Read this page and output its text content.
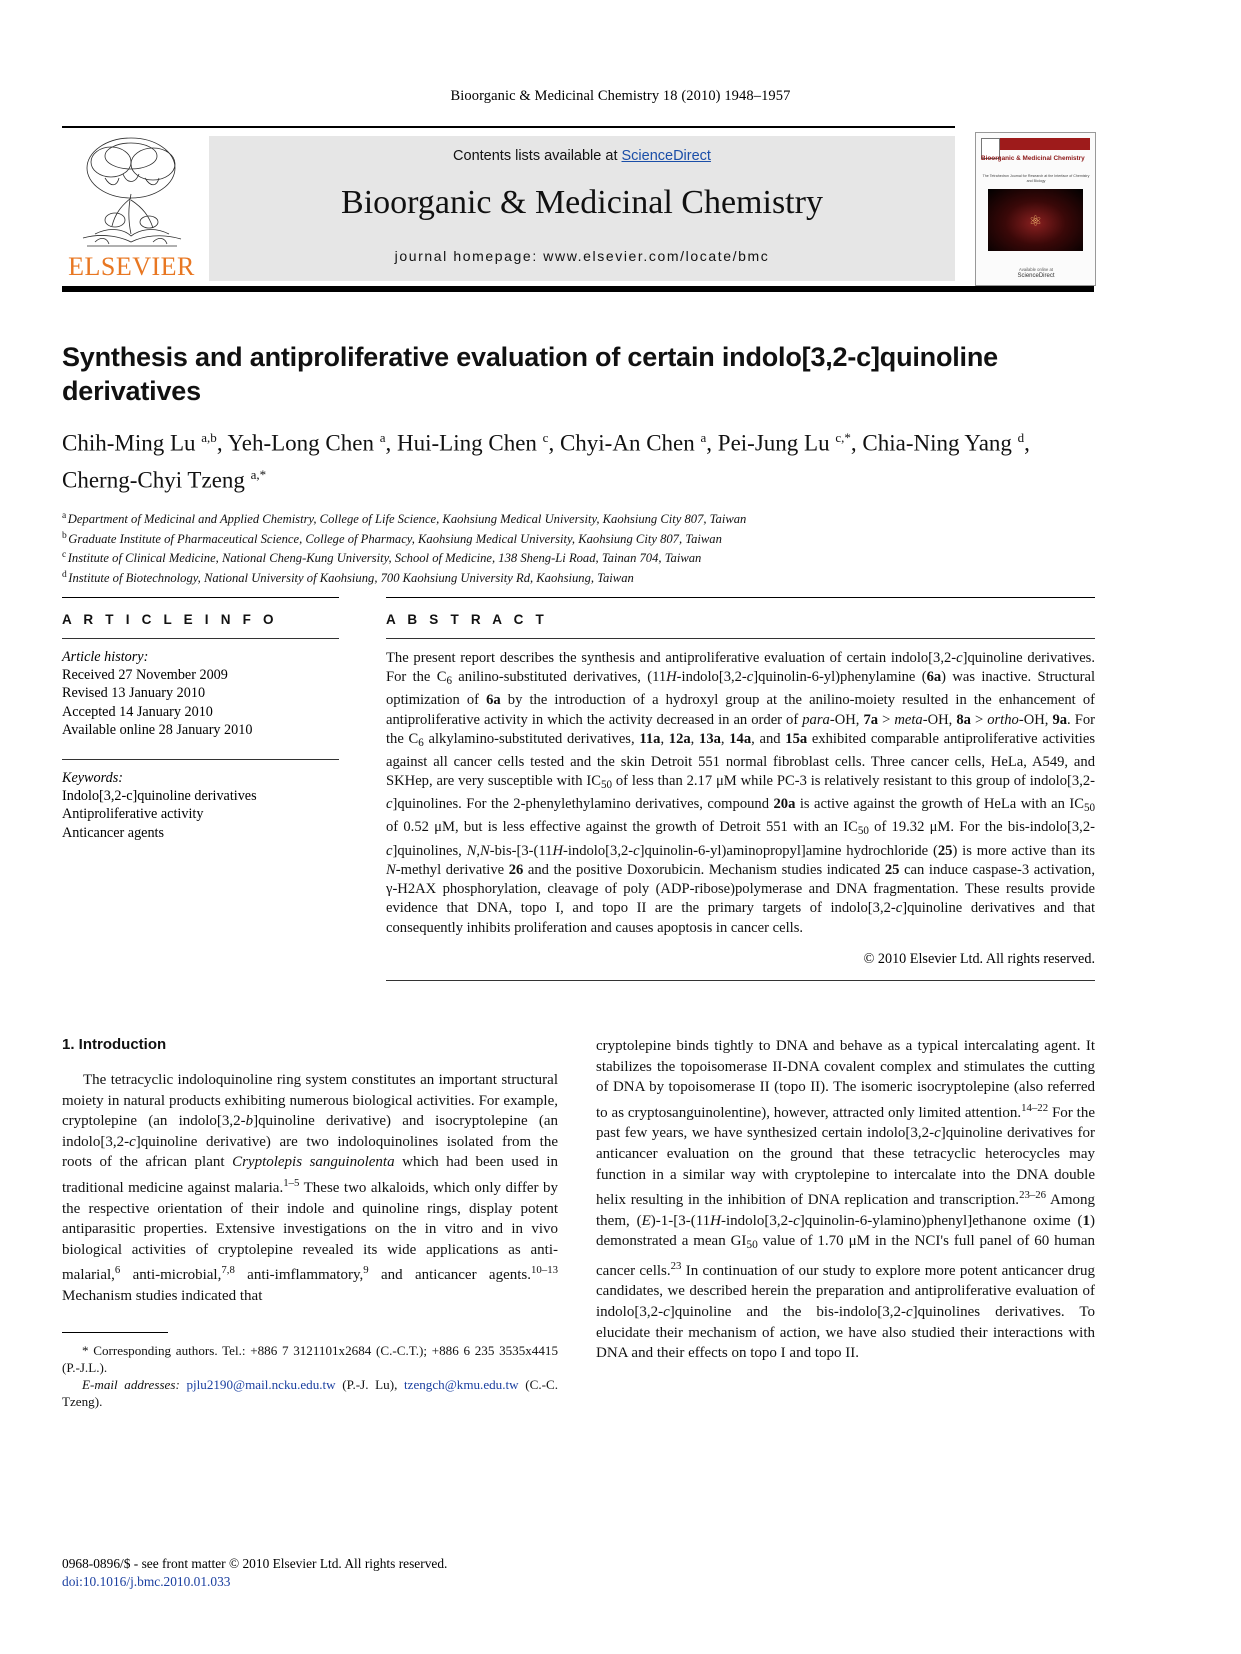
Bioorganic & Medicinal Chemistry 18 (2010) 1948–1957
ELSEVIER
Contents lists available at ScienceDirect
Bioorganic & Medicinal Chemistry
journal homepage: www.elsevier.com/locate/bmc
Bioorganic & Medicinal Chemistry
The Tetrahedron Journal for Research at the Interface of Chemistry and Biology
⚛
Available online at
ScienceDirect
Synthesis and antiproliferative evaluation of certain indolo[3,2-c]quinoline derivatives
Chih-Ming Lu $^{a,b}$, Yeh-Long Chen $^a$, Hui-Ling Chen $^c$, Chyi-An Chen $^a$, Pei-Jung Lu $^{c,*}$, Chia-Ning Yang $^d$, Cherng-Chyi Tzeng $^{a,*}$
$^a$ Department of Medicinal and Applied Chemistry, College of Life Science, Kaohsiung Medical University, Kaohsiung City 807, Taiwan
$^b$ Graduate Institute of Pharmaceutical Science, College of Pharmacy, Kaohsiung Medical University, Kaohsiung City 807, Taiwan
$^c$ Institute of Clinical Medicine, National Cheng-Kung University, School of Medicine, 138 Sheng-Li Road, Tainan 704, Taiwan
$^d$ Institute of Biotechnology, National University of Kaohsiung, 700 Kaohsiung University Rd, Kaohsiung, Taiwan
A R T I C L E I N F O
Article history:
Received 27 November 2009
Revised 13 January 2010
Accepted 14 January 2010
Available online 28 January 2010
Keywords:
Indolo[3,2-c]quinoline derivatives
Antiproliferative activity
Anticancer agents
A B S T R A C T
The present report describes the synthesis and antiproliferative evaluation of certain indolo[3,2-c]quinoline derivatives. For the $C_6$ anilino-substituted derivatives, (11H-indolo[3,2-c]quinolin-6-yl)phenylamine (6a) was inactive. Structural optimization of 6a by the introduction of a hydroxyl group at the anilino-moiety resulted in the enhancement of antiproliferative activity in which the activity decreased in an order of para-OH, 7a > meta-OH, 8a > ortho-OH, 9a. For the $C_6$ alkylamino-substituted derivatives, 11a, 12a, 13a, 14a, and 15a exhibited comparable antiproliferative activities against all cancer cells tested and the skin Detroit 551 normal fibroblast cells. Three cancer cells, HeLa, A549, and SKHep, are very susceptible with $IC_{50}$ of less than 2.17 μM while PC-3 is relatively resistant to this group of indolo[3,2-c]quinolines. For the 2-phenylethylamino derivatives, compound 20a is active against the growth of HeLa with an $IC_{50}$ of 0.52 μM, but is less effective against the growth of Detroit 551 with an $IC_{50}$ of 19.32 μM. For the bis-indolo[3,2-c]quinolines, N,N-bis-[3-(11H-indolo[3,2-c]quinolin-6-yl)aminopropyl]amine hydrochloride (25) is more active than its N-methyl derivative 26 and the positive Doxorubicin. Mechanism studies indicated 25 can induce caspase-3 activation, γ-H2AX phosphorylation, cleavage of poly (ADP-ribose)polymerase and DNA fragmentation. These results provide evidence that DNA, topo I, and topo II are the primary targets of indolo[3,2-c]quinoline derivatives and that consequently inhibits proliferation and causes apoptosis in cancer cells.
© 2010 Elsevier Ltd. All rights reserved.
1. Introduction

The tetracyclic indoloquinoline ring system constitutes an important structural moiety in natural products exhibiting numerous biological activities. For example, cryptolepine (an indolo[3,2-b]quinoline derivative) and isocryptolepine (an indolo[3,2-c]quinoline derivative) are two indoloquinolines isolated from the roots of the african plant Cryptolepis sanguinolenta which had been used in traditional medicine against malaria.$^{1-5}$ These two alkaloids, which only differ by the respective orientation of their indole and quinoline rings, display potent antiparasitic properties. Extensive investigations on the in vitro and in vivo biological activities of cryptolepine revealed its wide applications as anti-malarial,$^6$ anti-microbial,$^{7,8}$ anti-imflammatory,$^9$ and anticancer agents.$^{10-13}$ Mechanism studies indicated that

* Corresponding authors. Tel.: +886 7 3121101x2684 (C.-C.T.); +886 6 235 3535x4415 (P.-J.L.).
E-mail addresses: pjlu2190@mail.ncku.edu.tw (P.-J. Lu), tzengch@kmu.edu.tw (C.-C. Tzeng).

cryptolepine binds tightly to DNA and behave as a typical intercalating agent. It stabilizes the topoisomerase II-DNA covalent complex and stimulates the cutting of DNA by topoisomerase II (topo II). The isomeric isocryptolepine (also referred to as cryptosanguinolentine), however, attracted only limited attention.$^{14-22}$ For the past few years, we have synthesized certain indolo[3,2-c]quinoline derivatives for anticancer evaluation on the ground that these tetracyclic heterocycles may function in a similar way with cryptolepine to intercalate into the DNA double helix resulting in the inhibition of DNA replication and transcription.$^{23-26}$ Among them, (E)-1-[3-(11H-indolo[3,2-c]quinolin-6-ylamino)phenyl]ethanone oxime (1) demonstrated a mean $GI_{50}$ value of 1.70 μM in the NCI's full panel of 60 human cancer cells.$^{23}$ In continuation of our study to explore more potent anticancer drug candidates, we described herein the preparation and antiproliferative evaluation of indolo[3,2-c]quinoline and the bis-indolo[3,2-c]quinolines derivatives. To elucidate their mechanism of action, we have also studied their interactions with DNA and their effects on topo I and topo II.

0968-0896/$ - see front matter © 2010 Elsevier Ltd. All rights reserved.
doi:10.1016/j.bmc.2010.01.033
